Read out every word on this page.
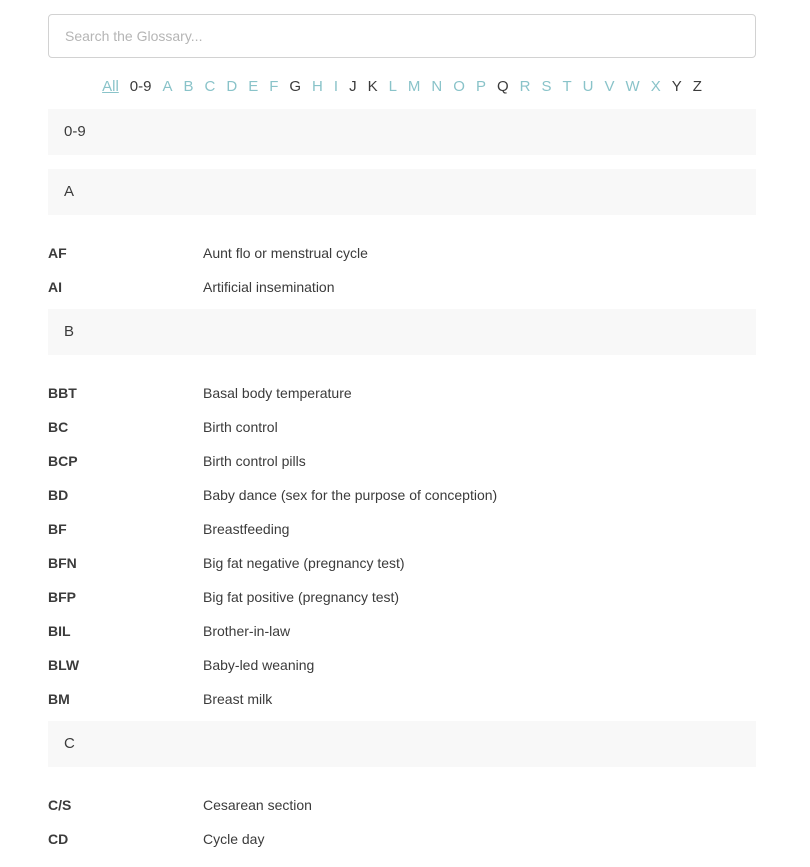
Search the Glossary...
All 0-9 A B C D E F G H I J K L M N O P Q R S T U V W X Y Z
0-9
A
AF	Aunt flo or menstrual cycle
AI	Artificial insemination
B
BBT	Basal body temperature
BC	Birth control
BCP	Birth control pills
BD	Baby dance (sex for the purpose of conception)
BF	Breastfeeding
BFN	Big fat negative (pregnancy test)
BFP	Big fat positive (pregnancy test)
BIL	Brother-in-law
BLW	Baby-led weaning
BM	Breast milk
C
C/S	Cesarean section
CD	Cycle day
